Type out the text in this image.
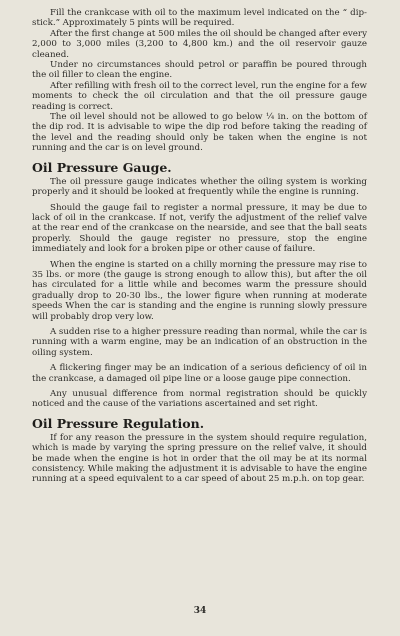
Fill the crankcase with oil to the maximum level indicated on the “ dip-stick.” Approximately 5 pints will be required.

After the first change at 500 miles the oil should be changed after every 2,000 to 3,000 miles (3,200 to 4,800 km.) and the oil reservoir gauze cleaned.

Under no circumstances should petrol or paraffin be poured through the oil filler to clean the engine.

After refilling with fresh oil to the correct level, run the engine for a few moments to check the oil circulation and that the oil pressure gauge reading is correct.

The oil level should not be allowed to go below ¼ in. on the bottom of the dip rod. It is advisable to wipe the dip rod before taking the reading of the level and the reading should only be taken when the engine is not running and the car is on level ground.

Oil Pressure Gauge.

The oil pressure gauge indicates whether the oiling system is working properly and it should be looked at frequently while the engine is running.

Should the gauge fail to register a normal pressure, it may be due to lack of oil in the crankcase. If not, verify the adjustment of the relief valve at the rear end of the crankcase on the nearside, and see that the ball seats properly. Should the gauge register no pressure, stop the engine immediately and look for a broken pipe or other cause of failure.

When the engine is started on a chilly morning the pressure may rise to 35 lbs. or more (the gauge is strong enough to allow this), but after the oil has circulated for a little while and becomes warm the pressure should gradually drop to 20-30 lbs., the lower figure when running at moderate speeds When the car is standing and the engine is running slowly pressure will probably drop very low.

A sudden rise to a higher pressure reading than normal, while the car is running with a warm engine, may be an indication of an obstruction in the oiling system.

A flickering finger may be an indication of a serious deficiency of oil in the crankcase, a damaged oil pipe line or a loose gauge pipe connection.

Any unusual difference from normal registration should be quickly noticed and the cause of the variations ascertained and set right.

Oil Pressure Regulation.

If for any reason the pressure in the system should require regulation, which is made by varying the spring pressure on the relief valve, it should be made when the engine is hot in order that the oil may be at its normal consistency. While making the adjustment it is advisable to have the engine running at a speed equivalent to a car speed of about 25 m.p.h. on top gear.

34
